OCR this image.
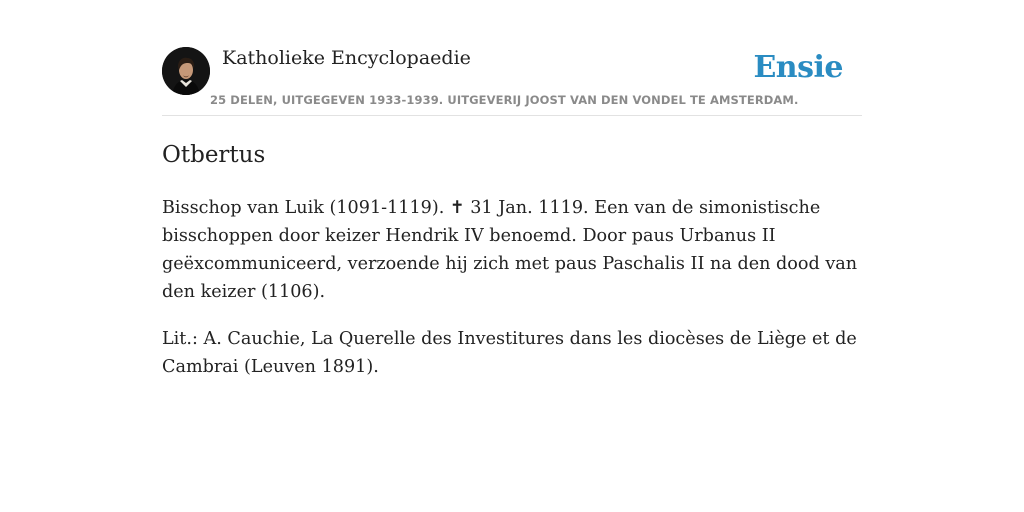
Katholieke Encyclopaedie
25 DELEN, UITGEGEVEN 1933-1939. UITGEVERIJ JOOST VAN DEN VONDEL TE AMSTERDAM.
Ensie
Otbertus

Bisschop van Luik (1091-1119). ✝ 31 Jan. 1119. Een van de simonistische bisschoppen door keizer Hendrik IV benoemd. Door paus Urbanus II geëxcommuniceerd, verzoende hij zich met paus Paschalis II na den dood van den keizer (1106).

Lit.: A. Cauchie, La Querelle des Investitures dans les diocèses de Liège et de Cambrai (Leuven 1891).
